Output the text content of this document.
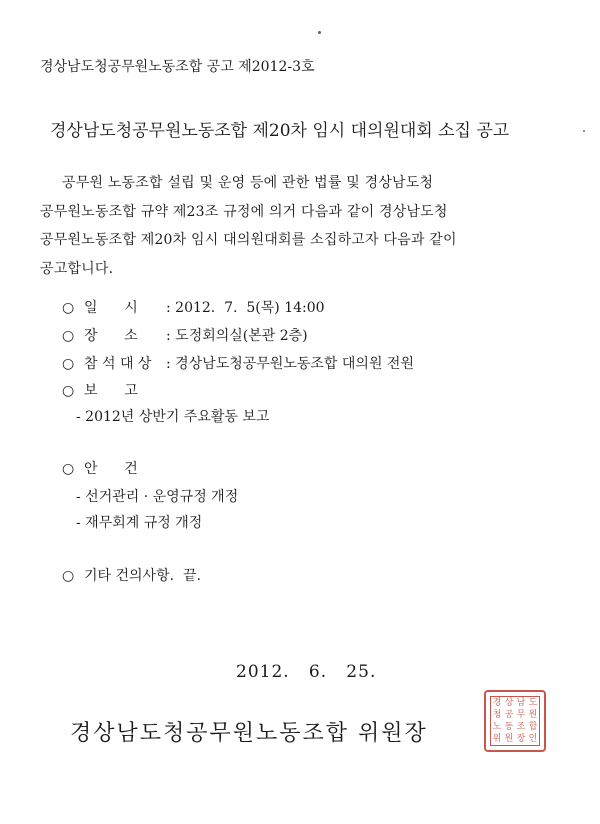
경상남도청공무원노동조합 공고 제2012-3호
경상남도청공무원노동조합 제20차 임시 대의원대회 소집 공고
공무원 노동조합 설립 및 운영 등에 관한 법률 및 경상남도청
공무원노동조합 규약 제23조 규정에 의거 다음과 같이 경상남도청
공무원노동조합 제20차 임시 대의원대회를 소집하고자 다음과 같이
공고합니다.
○ 일      시 : 2012.  7.  5(목) 14:00
○ 장      소 : 도정회의실(본관 2층)
○ 참 석 대 상 : 경상남도청공무원노동조합 대의원 전원
○ 보      고
- 2012년 상반기 주요활동 보고
○ 안      건
- 선거관리 · 운영규정 개정
- 재무회계 규정 개정
○ 기타 건의사항.  끝.
2012.   6.   25.
경상남도청공무원노동조합 위원장
경 상 남 도
청 공 무 원
노 동 조 합
위 원 장 인
